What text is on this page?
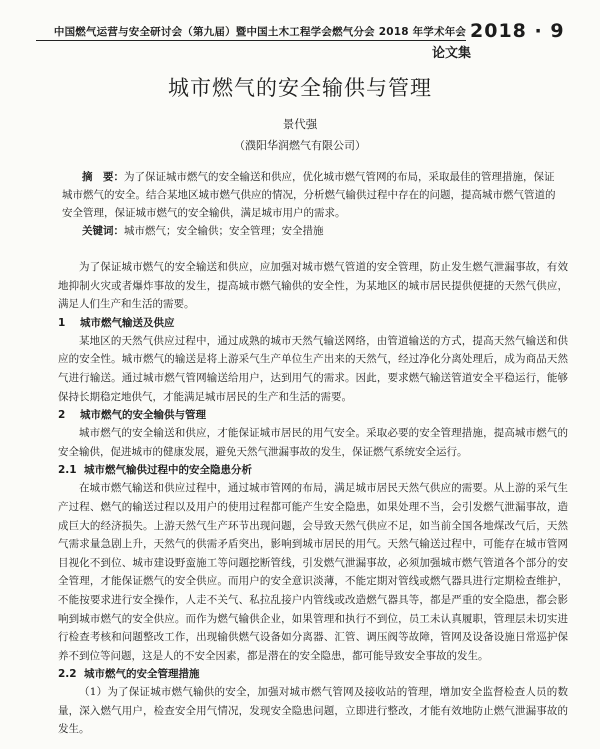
中国燃气运营与安全研讨会（第九届）暨中国土木工程学会燃气分会 2018 年学术年会 2018 · 9
论文集
城市燃气的安全输供与管理
景代强
（濮阳华润燃气有限公司）

摘　要：为了保证城市燃气的安全输送和供应，优化城市燃气管网的布局，采取最佳的管理措施，保证城市燃气的安全。结合某地区城市燃气供应的情况，分析燃气输供过程中存在的问题，提高城市燃气管道的安全管理，保证城市燃气的安全输供，满足城市用户的需求。

关键词：城市燃气；安全输供；安全管理；安全措施

为了保证城市燃气的安全输送和供应，应加强对城市燃气管道的安全管理，防止发生燃气泄漏事故，有效地抑制火灾或者爆炸事故的发生，提高城市燃气输供的安全性，为某地区的城市居民提供便捷的天然气供应，满足人们生产和生活的需要。

1 城市燃气输送及供应

某地区的天然气供应过程中，通过成熟的城市天然气输送网络，由管道输送的方式，提高天然气输送和供应的安全性。城市燃气的输送是将上游采气生产单位生产出来的天然气，经过净化分离处理后，成为商品天然气进行输送。通过城市燃气管网输送给用户，达到用气的需求。因此，要求燃气输送管道安全平稳运行，能够保持长期稳定地供气，才能满足城市居民的生产和生活的需要。

2 城市燃气的安全输供与管理

城市燃气的安全输送和供应，才能保证城市居民的用气安全。采取必要的安全管理措施，提高城市燃气的安全输供，促进城市的健康发展，避免天然气泄漏事故的发生，保证燃气系统安全运行。

2.1 城市燃气输供过程中的安全隐患分析

在城市燃气输送和供应过程中，通过城市管网的布局，满足城市居民天然气供应的需要。从上游的采气生产过程、燃气的输送过程以及用户的使用过程都可能产生安全隐患，如果处理不当，会引发燃气泄漏事故，造成巨大的经济损失。上游天然气生产环节出现问题，会导致天然气供应不足，如当前全国各地煤改气后，天然气需求量急剧上升，天然气的供需矛盾突出，影响到城市居民的用气。天然气输送过程中，可能存在城市管网目视化不到位、城市建设野蛮施工等问题挖断管线，引发燃气泄漏事故，必须加强城市燃气管道各个部分的安全管理，才能保证燃气的安全供应。而用户的安全意识淡薄，不能定期对管线或燃气器具进行定期检查维护，不能按要求进行安全操作，人走不关气、私拉乱接户内管线或改造燃气器具等，都是严重的安全隐患，都会影响到城市燃气的安全供应。而作为燃气输供企业，如果管理和执行不到位，员工未认真履职，管理层未切实进行检查考核和问题整改工作，出现输供燃气设备如分离器、汇管、调压阀等故障，管网及设备设施日常巡护保养不到位等问题，这是人的不安全因素，都是潜在的安全隐患，都可能导致安全事故的发生。

2.2 城市燃气的安全管理措施

（1）为了保证城市燃气输供的安全，加强对城市燃气管网及接收站的管理，增加安全监督检查人员的数量，深入燃气用户，检查安全用气情况，发现安全隐患问题，立即进行整改，才能有效地防止燃气泄漏事故的发生。
